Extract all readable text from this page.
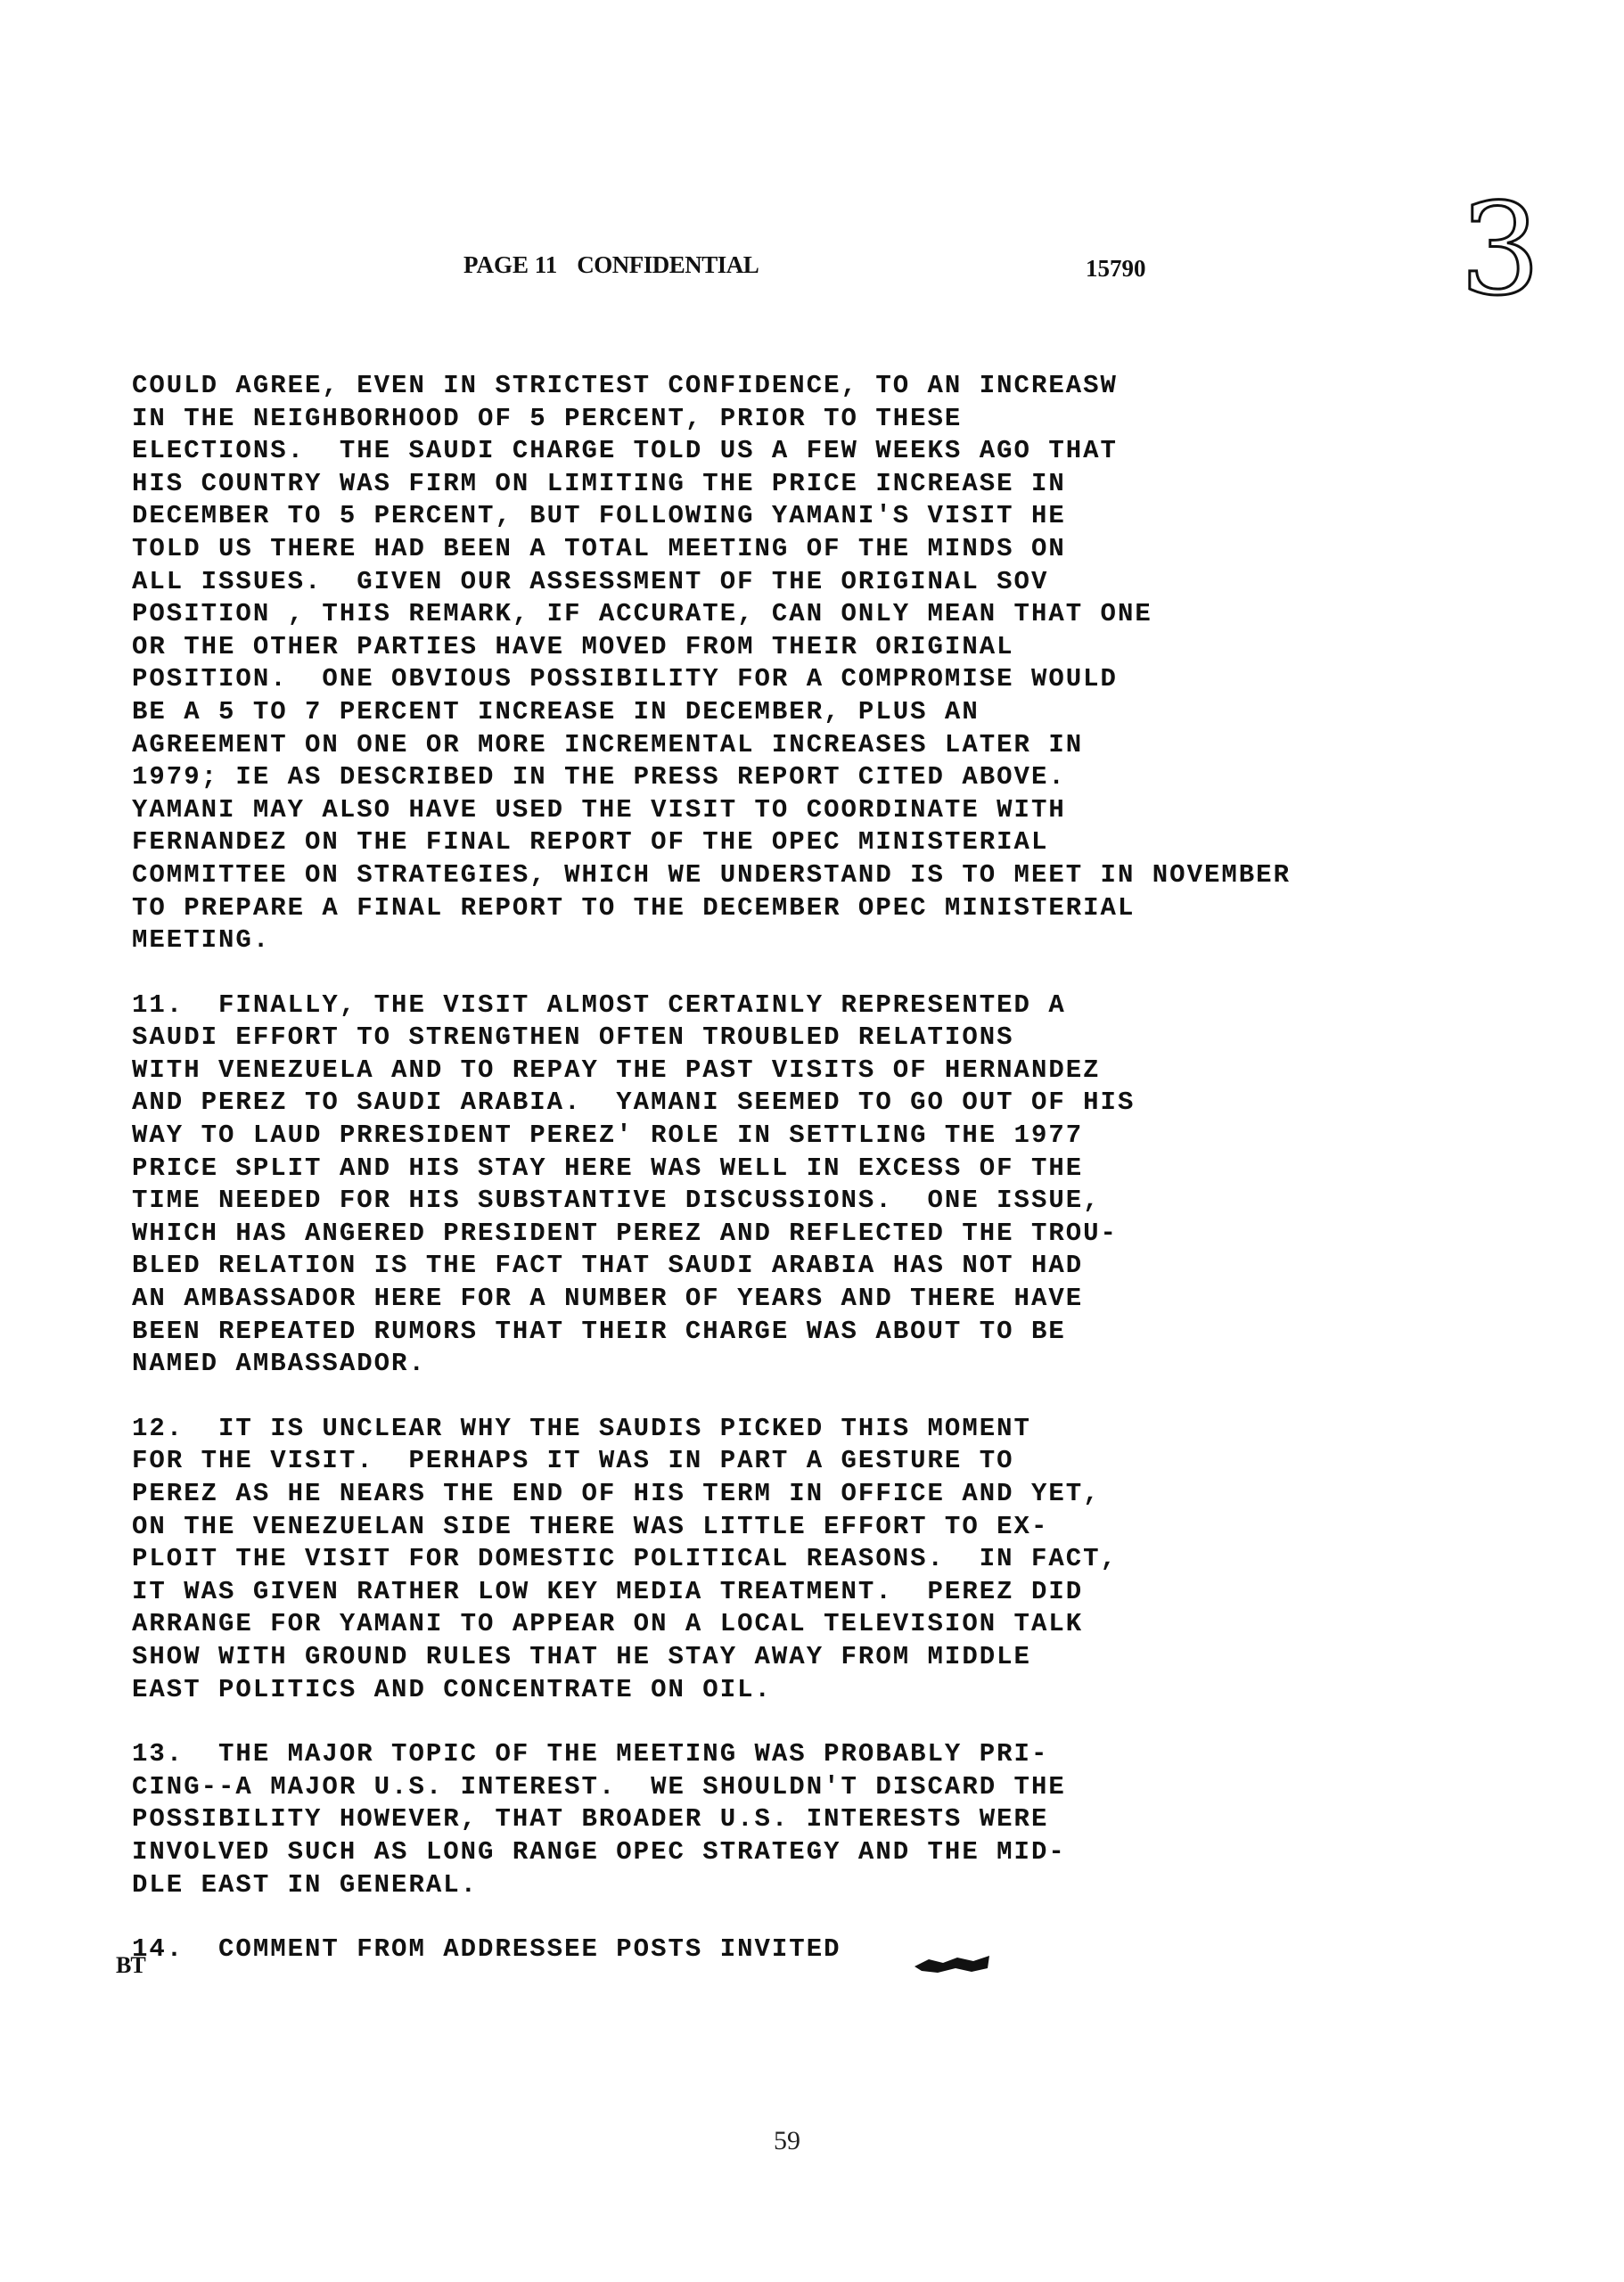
PAGE 11 CONFIDENTIAL	15790 3
COULD AGREE, EVEN IN STRICTEST CONFIDENCE, TO AN INCREASW
IN THE NEIGHBORHOOD OF 5 PERCENT, PRIOR TO THESE
ELECTIONS.  THE SAUDI CHARGE TOLD US A FEW WEEKS AGO THAT
HIS COUNTRY WAS FIRM ON LIMITING THE PRICE INCREASE IN
DECEMBER TO 5 PERCENT, BUT FOLLOWING YAMANI'S VISIT HE
TOLD US THERE HAD BEEN A TOTAL MEETING OF THE MINDS ON
ALL ISSUES.  GIVEN OUR ASSESSMENT OF THE ORIGINAL SOV
POSITION , THIS REMARK, IF ACCURATE, CAN ONLY MEAN THAT ONE
OR THE OTHER PARTIES HAVE MOVED FROM THEIR ORIGINAL
POSITION.  ONE OBVIOUS POSSIBILITY FOR A COMPROMISE WOULD
BE A 5 TO 7 PERCENT INCREASE IN DECEMBER, PLUS AN
AGREEMENT ON ONE OR MORE INCREMENTAL INCREASES LATER IN
1979; IE AS DESCRIBED IN THE PRESS REPORT CITED ABOVE.
YAMANI MAY ALSO HAVE USED THE VISIT TO COORDINATE WITH
FERNANDEZ ON THE FINAL REPORT OF THE OPEC MINISTERIAL
COMMITTEE ON STRATEGIES, WHICH WE UNDERSTAND IS TO MEET IN NOVEMBER
TO PREPARE A FINAL REPORT TO THE DECEMBER OPEC MINISTERIAL
MEETING.
11.  FINALLY, THE VISIT ALMOST CERTAINLY REPRESENTED A
SAUDI EFFORT TO STRENGTHEN OFTEN TROUBLED RELATIONS
WITH VENEZUELA AND TO REPAY THE PAST VISITS OF HERNANDEZ
AND PEREZ TO SAUDI ARABIA.  YAMANI SEEMED TO GO OUT OF HIS
WAY TO LAUD PRRESIDENT PEREZ' ROLE IN SETTLING THE 1977
PRICE SPLIT AND HIS STAY HERE WAS WELL IN EXCESS OF THE
TIME NEEDED FOR HIS SUBSTANTIVE DISCUSSIONS.  ONE ISSUE,
WHICH HAS ANGERED PRESIDENT PEREZ AND REFLECTED THE TROU-
BLED RELATION IS THE FACT THAT SAUDI ARABIA HAS NOT HAD
AN AMBASSADOR HERE FOR A NUMBER OF YEARS AND THERE HAVE
BEEN REPEATED RUMORS THAT THEIR CHARGE WAS ABOUT TO BE
NAMED AMBASSADOR.
12.  IT IS UNCLEAR WHY THE SAUDIS PICKED THIS MOMENT
FOR THE VISIT.  PERHAPS IT WAS IN PART A GESTURE TO
PEREZ AS HE NEARS THE END OF HIS TERM IN OFFICE AND YET,
ON THE VENEZUELAN SIDE THERE WAS LITTLE EFFORT TO EX-
PLOIT THE VISIT FOR DOMESTIC POLITICAL REASONS.  IN FACT,
IT WAS GIVEN RATHER LOW KEY MEDIA TREATMENT.  PEREZ DID
ARRANGE FOR YAMANI TO APPEAR ON A LOCAL TELEVISION TALK
SHOW WITH GROUND RULES THAT HE STAY AWAY FROM MIDDLE
EAST POLITICS AND CONCENTRATE ON OIL.
13.  THE MAJOR TOPIC OF THE MEETING WAS PROBABLY PRI-
CING--A MAJOR U.S. INTEREST.  WE SHOULDN'T DISCARD THE
POSSIBILITY HOWEVER, THAT BROADER U.S. INTERESTS WERE
INVOLVED SUCH AS LONG RANGE OPEC STRATEGY AND THE MID-
DLE EAST IN GENERAL.
14.  COMMENT FROM ADDRESSEE POSTS INVITED
BT
59
